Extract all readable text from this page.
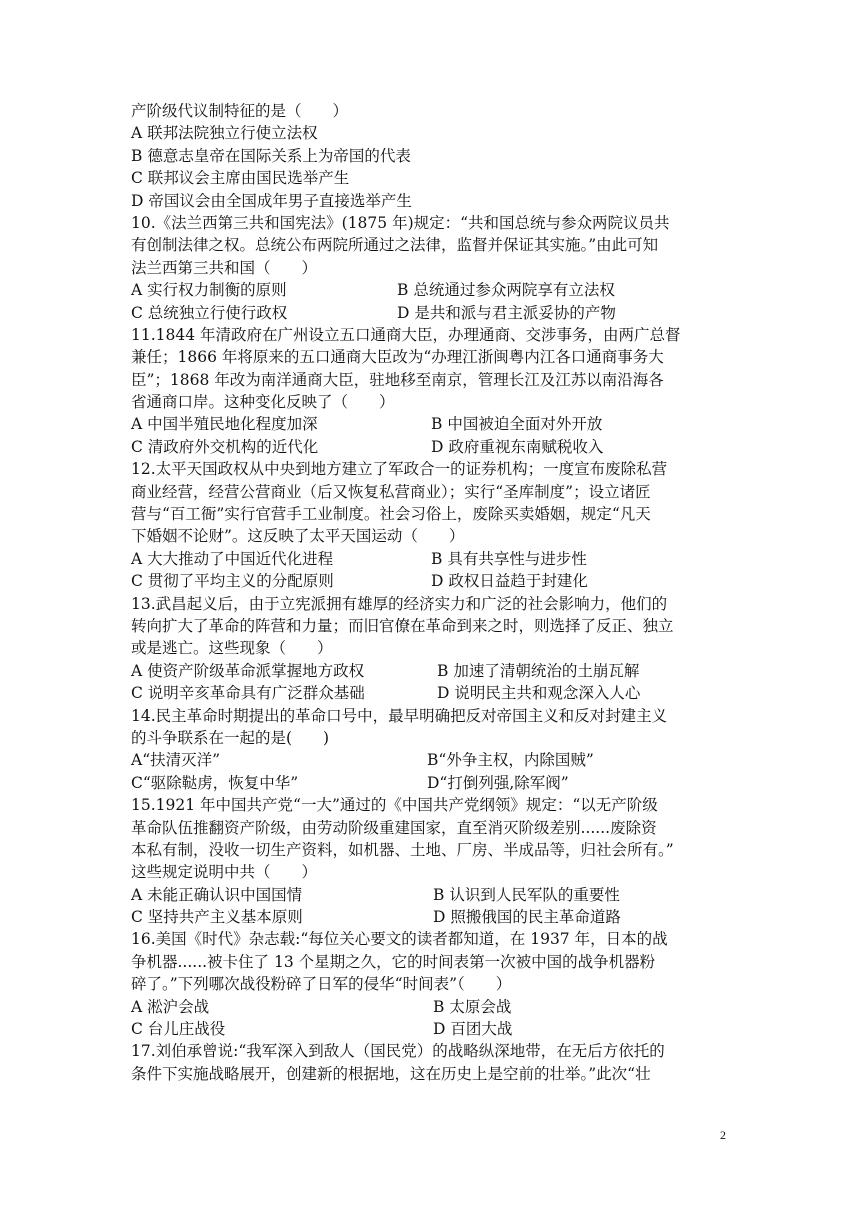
产阶级代议制特征的是（　　）
A 联邦法院独立行使立法权
B 德意志皇帝在国际关系上为帝国的代表
C 联邦议会主席由国民选举产生
D 帝国议会由全国成年男子直接选举产生
10.《法兰西第三共和国宪法》(1875 年)规定：“共和国总统与参众两院议员共
有创制法律之权。总统公布两院所通过之法律，监督并保证其实施。”由此可知
法兰西第三共和国（　　）
A 实行权力制衡的原则	B 总统通过参众两院享有立法权
C 总统独立行使行政权	D 是共和派与君主派妥协的产物
11.1844 年清政府在广州设立五口通商大臣，办理通商、交涉事务，由两广总督
兼任；1866 年将原来的五口通商大臣改为“办理江浙闽粤内江各口通商事务大
臣”；1868 年改为南洋通商大臣，驻地移至南京，管理长江及江苏以南沿海各
省通商口岸。这种变化反映了（　　）
A 中国半殖民地化程度加深	B 中国被迫全面对外开放
C 清政府外交机构的近代化	D 政府重视东南赋税收入
12.太平天国政权从中央到地方建立了军政合一的证券机构；一度宣布废除私营
商业经营，经营公营商业（后又恢复私营商业）；实行“圣库制度”；设立诸匠
营与“百工衙”实行官营手工业制度。社会习俗上，废除买卖婚姻，规定“凡天
下婚姻不论财”。这反映了太平天国运动（　　）
A 大大推动了中国近代化进程	B 具有共享性与进步性
C 贯彻了平均主义的分配原则	D 政权日益趋于封建化
13.武昌起义后，由于立宪派拥有雄厚的经济实力和广泛的社会影响力，他们的
转向扩大了革命的阵营和力量；而旧官僚在革命到来之时，则选择了反正、独立
或是逃亡。这些现象（　　）
A 使资产阶级革命派掌握地方政权	B 加速了清朝统治的土崩瓦解
C 说明辛亥革命具有广泛群众基础	D 说明民主共和观念深入人心
14.民主革命时期提出的革命口号中，最早明确把反对帝国主义和反对封建主义
的斗争联系在一起的是(　　)
A“扶清灭洋”	B“外争主权，内除国贼”
C“驱除鞑虏，恢复中华”	D“打倒列强,除军阀”
15.1921 年中国共产党“一大”通过的《中国共产党纲领》规定：“以无产阶级
革命队伍推翻资产阶级，由劳动阶级重建国家，直至消灭阶级差别......废除资
本私有制，没收一切生产资料，如机器、土地、厂房、半成品等，归社会所有。”
这些规定说明中共（　　）
A 未能正确认识中国国情	B 认识到人民军队的重要性
C 坚持共产主义基本原则	D 照搬俄国的民主革命道路
16.美国《时代》杂志载:“每位关心要文的读者都知道，在 1937 年，日本的战
争机器......被卡住了 13 个星期之久，它的时间表第一次被中国的战争机器粉
碎了。”下列哪次战役粉碎了日军的侵华“时间表”（　　）
A 淞沪会战	B 太原会战
C 台儿庄战役	D 百团大战
17.刘伯承曾说:“我军深入到敌人（国民党）的战略纵深地带，在无后方依托的
条件下实施战略展开，创建新的根据地，这在历史上是空前的壮举。”此次“壮
2
